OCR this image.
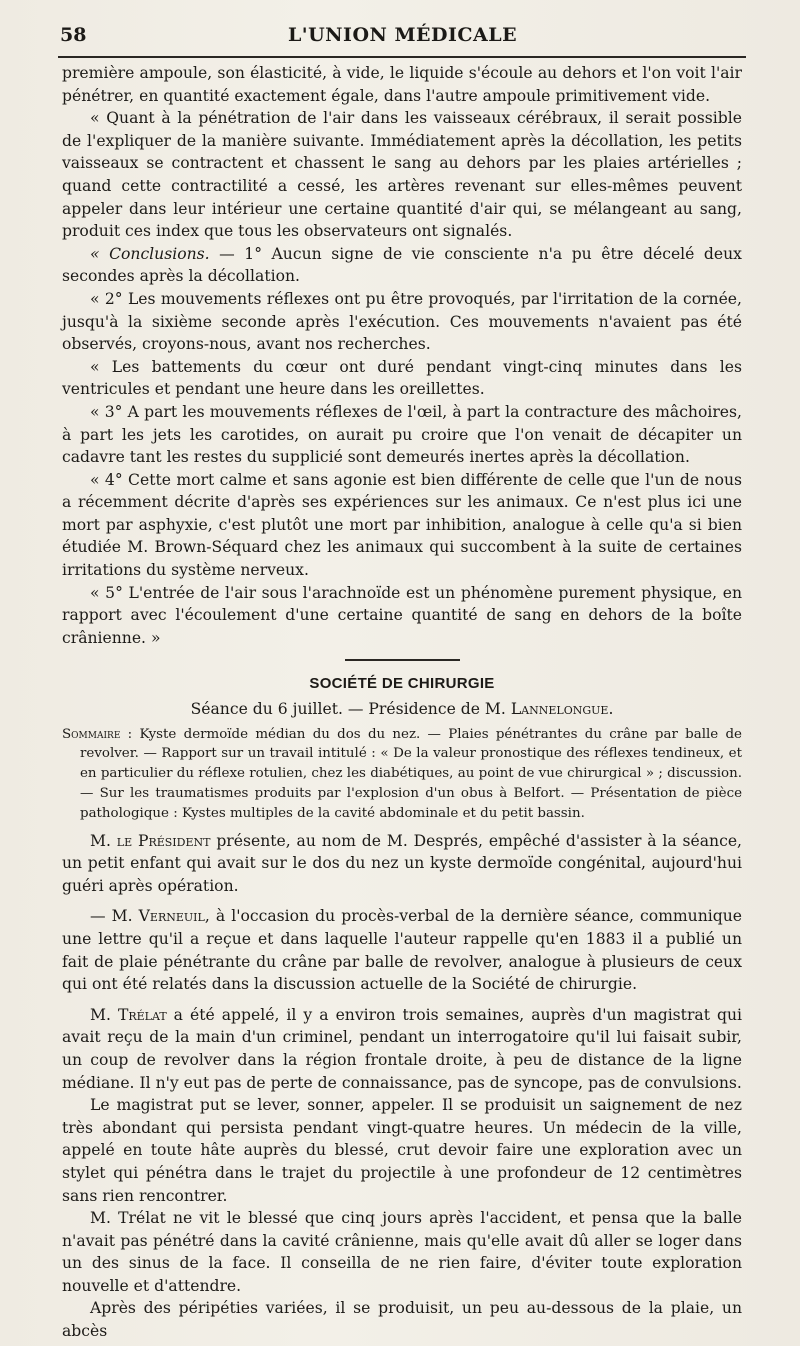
58	L'UNION MÉDICALE

première ampoule, son élasticité, à vide, le liquide s'écoule au dehors et l'on voit l'air pénétrer, en quantité exactement égale, dans l'autre ampoule primitivement vide.

« Quant à la pénétration de l'air dans les vaisseaux cérébraux, il serait possible de l'expliquer de la manière suivante. Immédiatement après la décollation, les petits vaisseaux se contractent et chassent le sang au dehors par les plaies artérielles ; quand cette contractilité a cessé, les artères revenant sur elles-mêmes peuvent appeler dans leur intérieur une certaine quantité d'air qui, se mélangeant au sang, produit ces index que tous les observateurs ont signalés.

« Conclusions. — 1° Aucun signe de vie consciente n'a pu être décelé deux secondes après la décollation.

« 2° Les mouvements réflexes ont pu être provoqués, par l'irritation de la cornée, jusqu'à la sixième seconde après l'exécution. Ces mouvements n'avaient pas été observés, croyons-nous, avant nos recherches.

« Les battements du cœur ont duré pendant vingt-cinq minutes dans les ventricules et pendant une heure dans les oreillettes.

« 3° A part les mouvements réflexes de l'œil, à part la contracture des mâchoires, à part les jets les carotides, on aurait pu croire que l'on venait de décapiter un cadavre tant les restes du supplicié sont demeurés inertes après la décollation.

« 4° Cette mort calme et sans agonie est bien différente de celle que l'un de nous a récemment décrite d'après ses expériences sur les animaux. Ce n'est plus ici une mort par asphyxie, c'est plutôt une mort par inhibition, analogue à celle qu'a si bien étudiée M. Brown-Séquard chez les animaux qui succombent à la suite de certaines irritations du système nerveux.

« 5° L'entrée de l'air sous l'arachnoïde est un phénomène purement physique, en rapport avec l'écoulement d'une certaine quantité de sang en dehors de la boîte crânienne. »

SOCIÉTÉ DE CHIRURGIE
Séance du 6 juillet. — Présidence de M. Lannelongue.
Sommaire : Kyste dermoïde médian du dos du nez. — Plaies pénétrantes du crâne par balle de revolver. — Rapport sur un travail intitulé : « De la valeur pronostique des réflexes tendineux, et en particulier du réflexe rotulien, chez les diabétiques, au point de vue chirurgical » ; discussion. — Sur les traumatismes produits par l'explosion d'un obus à Belfort. — Présentation de pièce pathologique : Kystes multiples de la cavité abdominale et du petit bassin.

M. le Président présente, au nom de M. Després, empêché d'assister à la séance, un petit enfant qui avait sur le dos du nez un kyste dermoïde congénital, aujourd'hui guéri après opération.

— M. Verneuil, à l'occasion du procès-verbal de la dernière séance, communique une lettre qu'il a reçue et dans laquelle l'auteur rappelle qu'en 1883 il a publié un fait de plaie pénétrante du crâne par balle de revolver, analogue à plusieurs de ceux qui ont été relatés dans la discussion actuelle de la Société de chirurgie.

M. Trélat a été appelé, il y a environ trois semaines, auprès d'un magistrat qui avait reçu de la main d'un criminel, pendant un interrogatoire qu'il lui faisait subir, un coup de revolver dans la région frontale droite, à peu de distance de la ligne médiane. Il n'y eut pas de perte de connaissance, pas de syncope, pas de convulsions.

Le magistrat put se lever, sonner, appeler. Il se produisit un saignement de nez très abondant qui persista pendant vingt-quatre heures. Un médecin de la ville, appelé en toute hâte auprès du blessé, crut devoir faire une exploration avec un stylet qui pénétra dans le trajet du projectile à une profondeur de 12 centimètres sans rien rencontrer.

M. Trélat ne vit le blessé que cinq jours après l'accident, et pensa que la balle n'avait pas pénétré dans la cavité crânienne, mais qu'elle avait dû aller se loger dans un des sinus de la face. Il conseilla de ne rien faire, d'éviter toute exploration nouvelle et d'attendre.

Après des péripéties variées, il se produisit, un peu au-dessous de la plaie, un abcès
